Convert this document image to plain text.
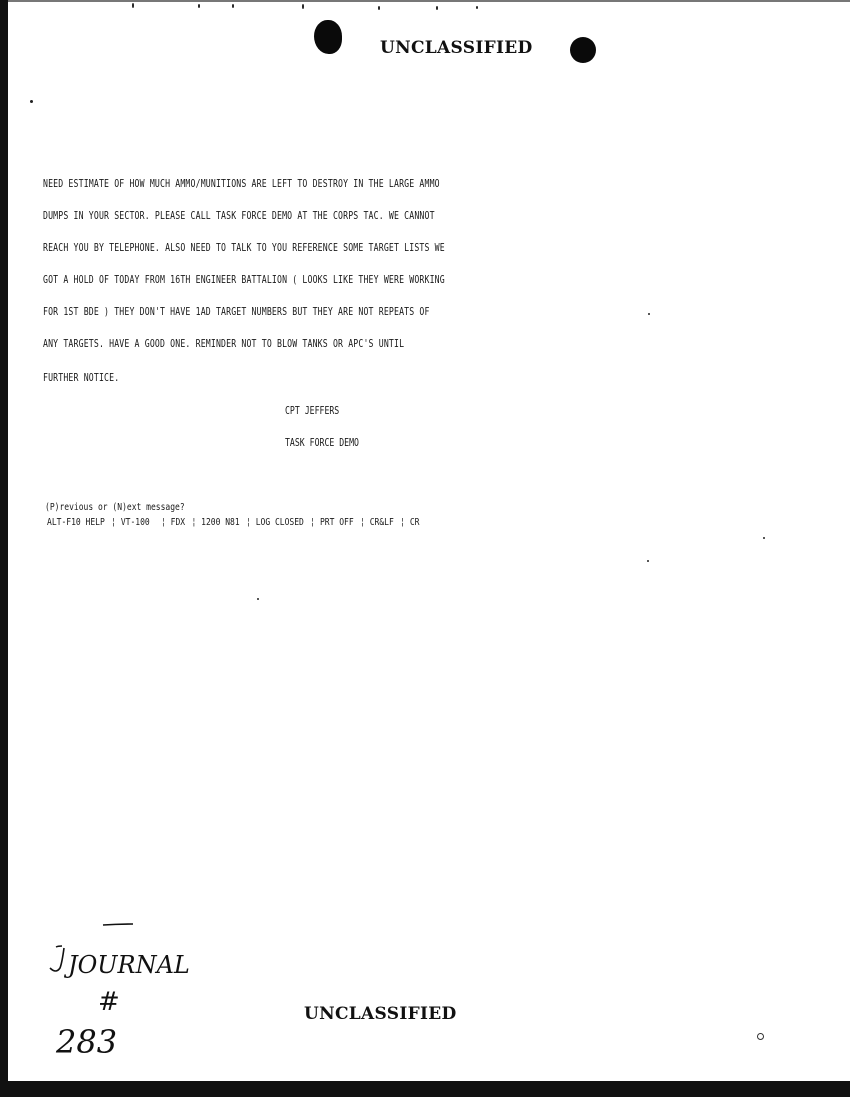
UNCLASSIFIED
NEED ESTIMATE OF HOW MUCH AMMO/MUNITIONS ARE LEFT TO DESTROY IN THE LARGE AMMO
DUMPS IN YOUR SECTOR. PLEASE CALL TASK FORCE DEMO AT THE CORPS TAC. WE CANNOT
REACH YOU BY TELEPHONE. ALSO NEED TO TALK TO YOU REFERENCE SOME TARGET LISTS WE
GOT A HOLD OF TODAY FROM 16TH ENGINEER BATTALION ( LOOKS LIKE THEY WERE WORKING
FOR 1ST BDE ) THEY DON'T HAVE 1AD TARGET NUMBERS BUT THEY ARE NOT REPEATS OF
ANY TARGETS. HAVE A GOOD ONE. REMINDER NOT TO BLOW TANKS OR APC'S UNTIL
FURTHER NOTICE.
CPT JEFFERS
TASK FORCE DEMO
(P)revious or (N)ext message?
ALT-F10 HELP ¦ VT-100  ¦ FDX ¦ 1200 N81 ¦ LOG CLOSED ¦ PRT OFF ¦ CR&LF ¦ CR
JOURNAL
#
283
UNCLASSIFIED
